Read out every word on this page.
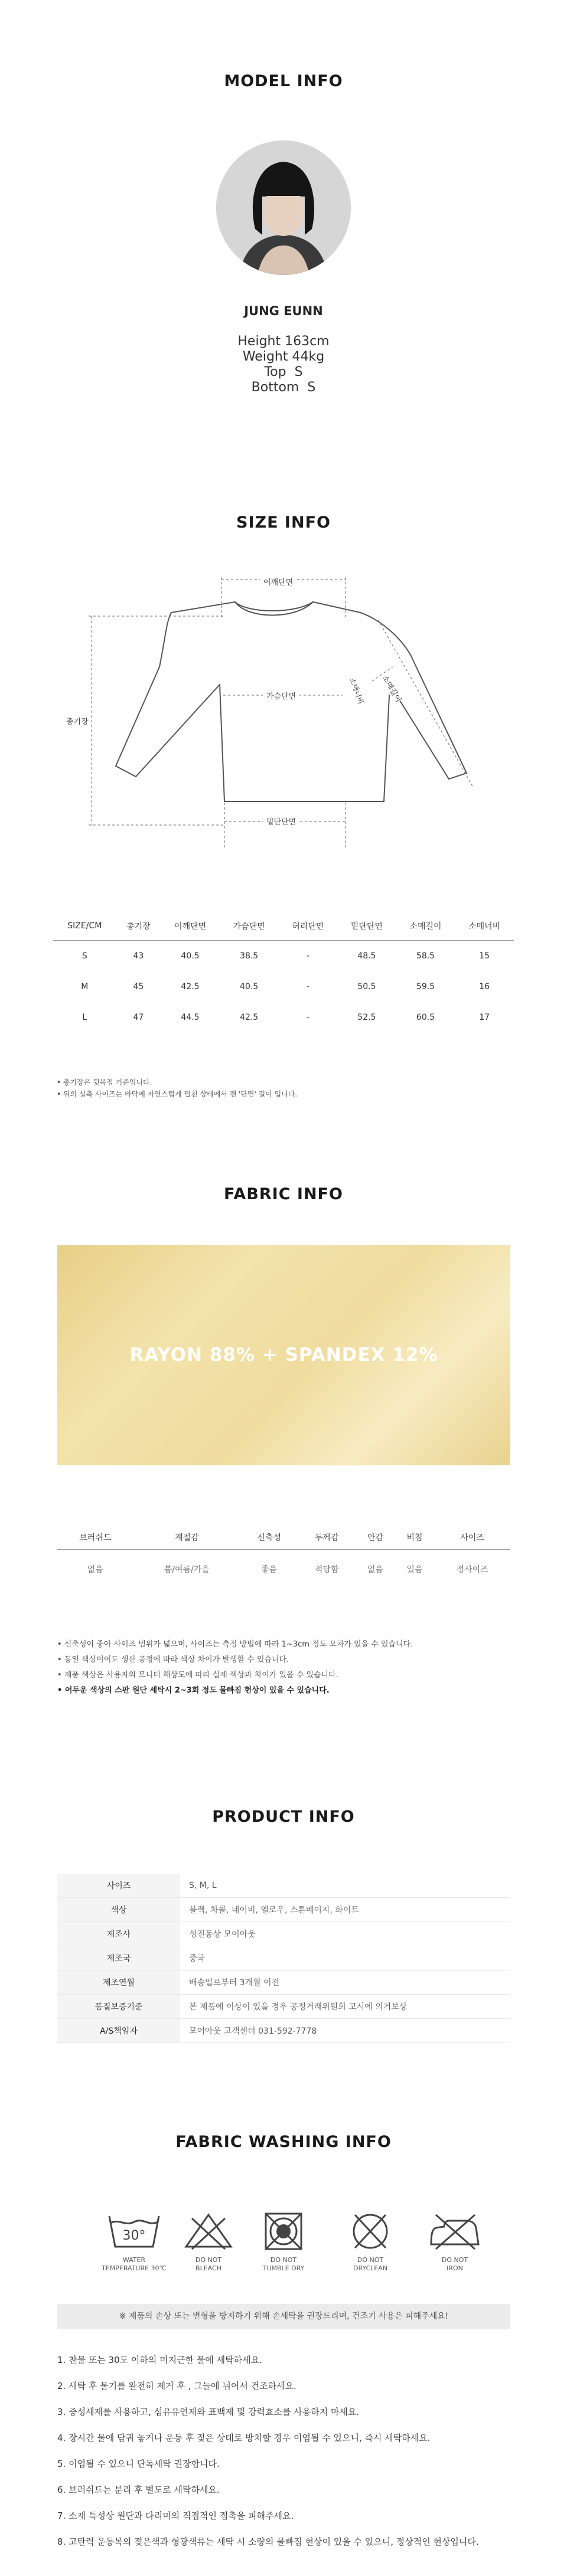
MODEL INFO
JUNG EUNN
Height 163cm
Weight 44kg
Top  S
Bottom  S
SIZE INFO
어깨단면
가슴단면
밑단단면
총기장
소매길이
소매너비
SIZE/CM	총기장	어깨단면	가슴단면	허리단면	밑단단면	소매길이	소매너비
S	43	40.5	38.5	-	48.5	58.5	15
M	45	42.5	40.5	-	50.5	59.5	16
L	47	44.5	42.5	-	52.5	60.5	17
• 총기장은 뒷목점 기준입니다.
• 위의 실측 사이즈는 바닥에 자연스럽게 펼친 상태에서 잰 '단면' 길이 입니다.
FABRIC INFO
RAYON 88% + SPANDEX 12%
브러쉬드	계절감	신축성	두께감	안감	비침	사이즈
없음	봄/여름/가을	좋음	적당함	없음	있음	정사이즈
• 신축성이 좋아 사이즈 범위가 넓으며, 사이즈는 측정 방법에 따라 1~3cm 정도 오차가 있을 수 있습니다.
• 동일 색상이어도 생산 공정에 따라 색상 차이가 발생할 수 있습니다.
• 제품 색상은 사용자의 모니터 해상도에 따라 실제 색상과 차이가 있을 수 있습니다.
• 어두운 색상의 스판 원단 세탁시 2~3회 정도 물빠짐 현상이 있을 수 있습니다.
PRODUCT INFO
사이즈	S, M, L
색상	블랙, 차콜, 네이비, 옐로우, 스톤베이지, 화이트
제조사	성진동상 모어아웃
제조국	중국
제조연월	배송일로부터 3개월 이전
품질보증기준	본 제품에 이상이 있을 경우 공정거래위원회 고시에 의거보상
A/S책임자	모어아웃 고객센터 031-592-7778
FABRIC WASHING INFO
30°
WATER
TEMPERATURE 30℃
DO NOT
BLEACH
DO NOT
TUMBLE DRY
DO NOT
DRYCLEAN
DO NOT
IRON
※ 제품의 손상 또는 변형을 방지하기 위해 손세탁을 권장드리며, 건조기 사용은 피해주세요!
1. 찬물 또는 30도 이하의 미지근한 물에 세탁하세요.
2. 세탁 후 물기를 완전히 제거 후 , 그늘에 뉘어서 건조하세요.
3. 중성세제를 사용하고, 섬유유연제와 표백제 및 강력효소를 사용하지 마세요.
4. 장시간 물에 담궈 놓거나 운동 후 젖은 상태로 방치할 경우 이염될 수 있으니, 즉시 세탁하세요.
5. 이염될 수 있으니 단독세탁 권장합니다.
6. 브러쉬드는 분리 후 별도로 세탁하세요.
7. 소재 특성상 원단과 다리미의 직접적인 접촉을 피해주세요.
8. 고탄력 운동복의 젖은색과 형광색류는 세탁 시 소량의 물빠짐 현상이 있을 수 있으니, 정상적인 현상입니다.
